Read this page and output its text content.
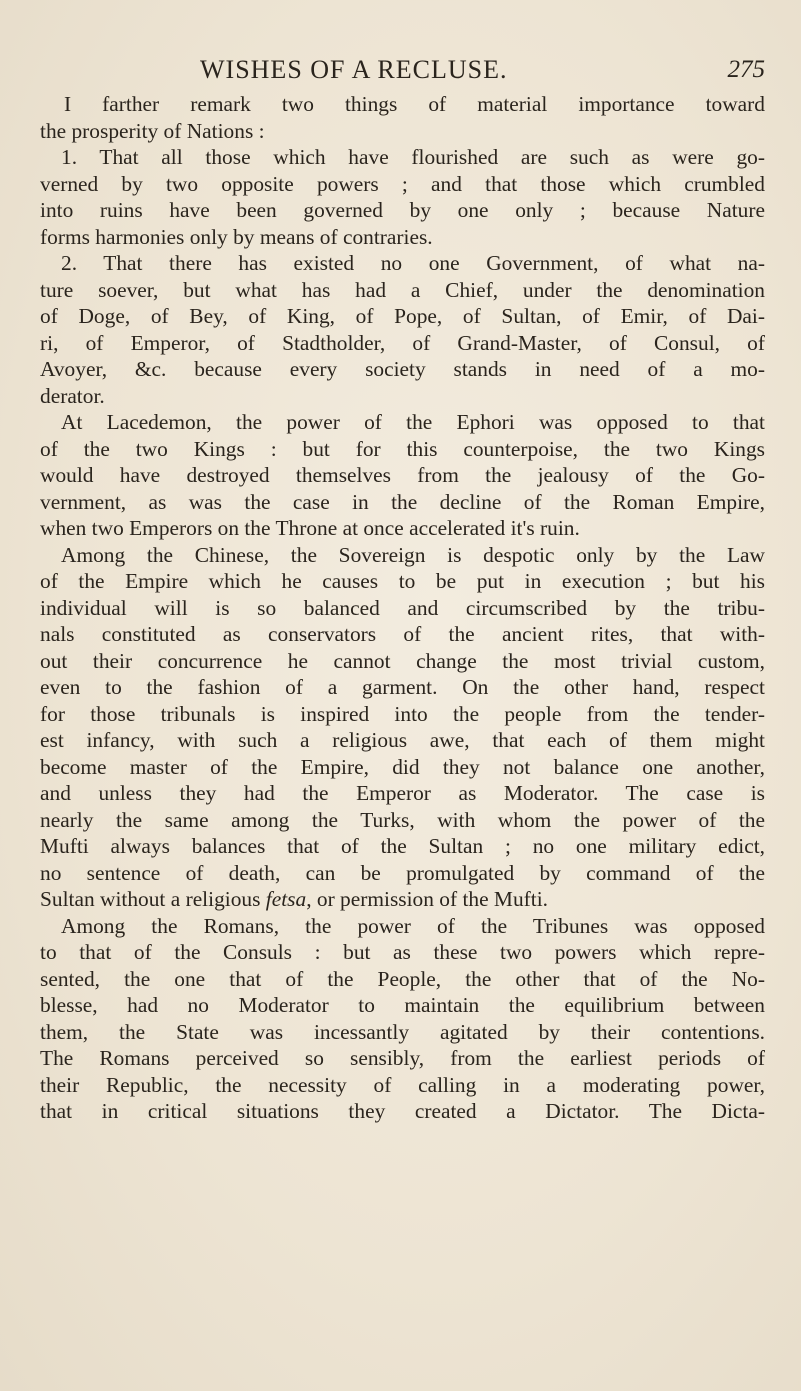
WISHES OF A RECLUSE.	275
I farther remark two things of material importance toward
the prosperity of Nations :
1. That all those which have flourished are such as were go-
verned by two opposite powers ; and that those which crumbled
into ruins have been governed by one only ; because Nature
forms harmonies only by means of contraries.
2. That there has existed no one Government, of what na-
ture soever, but what has had a Chief, under the denomination
of Doge, of Bey, of King, of Pope, of Sultan, of Emir, of Dai-
ri, of Emperor, of Stadtholder, of Grand-Master, of Consul, of
Avoyer, &c. because every society stands in need of a mo-
derator.
At Lacedemon, the power of the Ephori was opposed to that
of the two Kings : but for this counterpoise, the two Kings
would have destroyed themselves from the jealousy of the Go-
vernment, as was the case in the decline of the Roman Empire,
when two Emperors on the Throne at once accelerated it's ruin.
Among the Chinese, the Sovereign is despotic only by the Law
of the Empire which he causes to be put in execution ; but his
individual will is so balanced and circumscribed by the tribu-
nals constituted as conservators of the ancient rites, that with-
out their concurrence he cannot change the most trivial custom,
even to the fashion of a garment. On the other hand, respect
for those tribunals is inspired into the people from the tender-
est infancy, with such a religious awe, that each of them might
become master of the Empire, did they not balance one another,
and unless they had the Emperor as Moderator. The case is
nearly the same among the Turks, with whom the power of the
Mufti always balances that of the Sultan ; no one military edict,
no sentence of death, can be promulgated by command of the
Sultan without a religious fetsa, or permission of the Mufti.
Among the Romans, the power of the Tribunes was opposed
to that of the Consuls : but as these two powers which repre-
sented, the one that of the People, the other that of the No-
blesse, had no Moderator to maintain the equilibrium between
them, the State was incessantly agitated by their contentions.
The Romans perceived so sensibly, from the earliest periods of
their Republic, the necessity of calling in a moderating power,
that in critical situations they created a Dictator. The Dicta-
